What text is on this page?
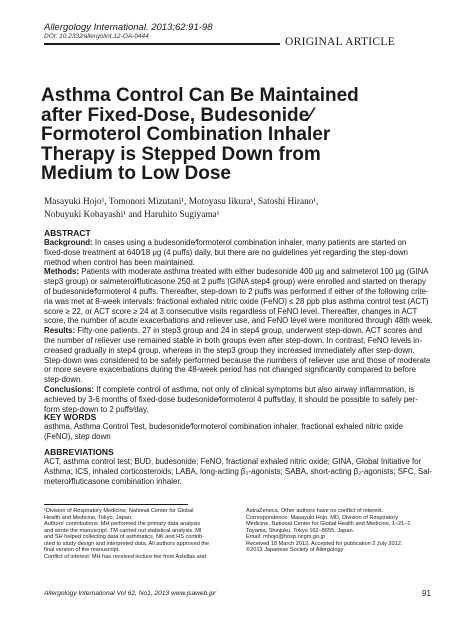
Allergology International. 2013;62:91-98
DOI: 10.2332⁄allergolint.12-OA-0444	ORIGINAL ARTICLE
Asthma Control Can Be Maintained
after Fixed-Dose, Budesonide⁄
Formoterol Combination Inhaler
Therapy is Stepped Down from
Medium to Low Dose
Masayuki Hojo¹, Tomonori Mizutani¹, Motoyasu Iikura¹, Satoshi Hirano¹,
Nobuyuki Kobayashi¹ and Haruhito Sugiyama¹
ABSTRACT
Background: In cases using a budesonide⁄formoterol combination inhaler, many patients are started on
fixed-dose treatment at 640⁄18 μg (4 puffs) daily, but there are no guidelines yet regarding the step-down
method when control has been maintained.
Methods: Patients with moderate asthma treated with either budesonide 400 μg and salmeterol 100 μg (GINA
step3 group) or salmeterol⁄fluticasone 250 at 2 puffs (GINA step4 group) were enrolled and started on therapy
of budesonide⁄formoterol 4 puffs. Thereafter, step-down to 2 puffs was performed if either of the following crite-
ria was met at 8-week intervals: fractional exhaled nitric oxide (FeNO) ≤ 28 ppb plus asthma control test (ACT)
score ≥ 22, or ACT score ≥ 24 at 3 consecutive visits regardless of FeNO level. Thereafter, changes in ACT
score, the number of acute exacerbations and reliever use, and FeNO level were monitored through 48th week.
Results: Fifty-one patients, 27 in step3 group and 24 in step4 group, underwent step-down. ACT scores and
the number of reliever use remained stable in both groups even after step-down. In contrast, FeNO levels in-
creased gradually in step4 group, whereas in the step3 group they increased immediately after step-down.
Step-down was considered to be safely performed because the numbers of reliever use and those of moderate
or more severe exacerbations during the 48-week period has not changed significantly compared to before
step-down.
Conclusions: If complete control of asthma, not only of clinical symptoms but also airway inflammation, is
achieved by 3-6 months of fixed-dose budesonide⁄formoterol 4 puffs⁄day, it should be possible to safely per-
form step-down to 2 puffs⁄day.
KEY WORDS
asthma, Asthma Control Test, budesonide⁄formoterol combination inhaler, fractional exhaled nitric oxide
(FeNO), step down
ABBREVIATIONS
ACT, asthma control test; BUD, budesonide; FeNO, fractional exhaled nitric oxide; GINA, Global Initiative for
Asthma; ICS, inhaled corticosteroids; LABA, long-acting β₂-agonists; SABA, short-acting β₂-agonists; SFC, Sal-
meterol⁄fluticasone combination inhaler.
¹Division of Respiratory Medicine, National Center for Global
Health and Medicine, Tokyo, Japan.
Authors' contributions: MH performed the primary data analysis
and wrote the manuscript. TM carried out statistical analysis. MI
and SH helped collecting data of asthmatics. NK and HS contrib-
uted to study design and interpreted data. All authors approved the
final version of the manuscript.
Conflict of interest: MH has received lecture fee from Astellas and
AstraZeneca. Other authors have no conflict of interest.
Correspondence: Masayuki Hojo, MD, Division of Respiratory
Medicine, National Center for Global Health and Medicine, 1–21–1
Toyama, Shinjuku, Tokyo 162–8655, Japan.
Email: mhojo@hosp.ncgm.go.jp
Received 18 March 2012. Accepted for publication 2 July 2012.
©2013 Japanese Society of Allergology
Allergology International Vol 62, No1, 2013 www.jsaweb.jp⁄	91
